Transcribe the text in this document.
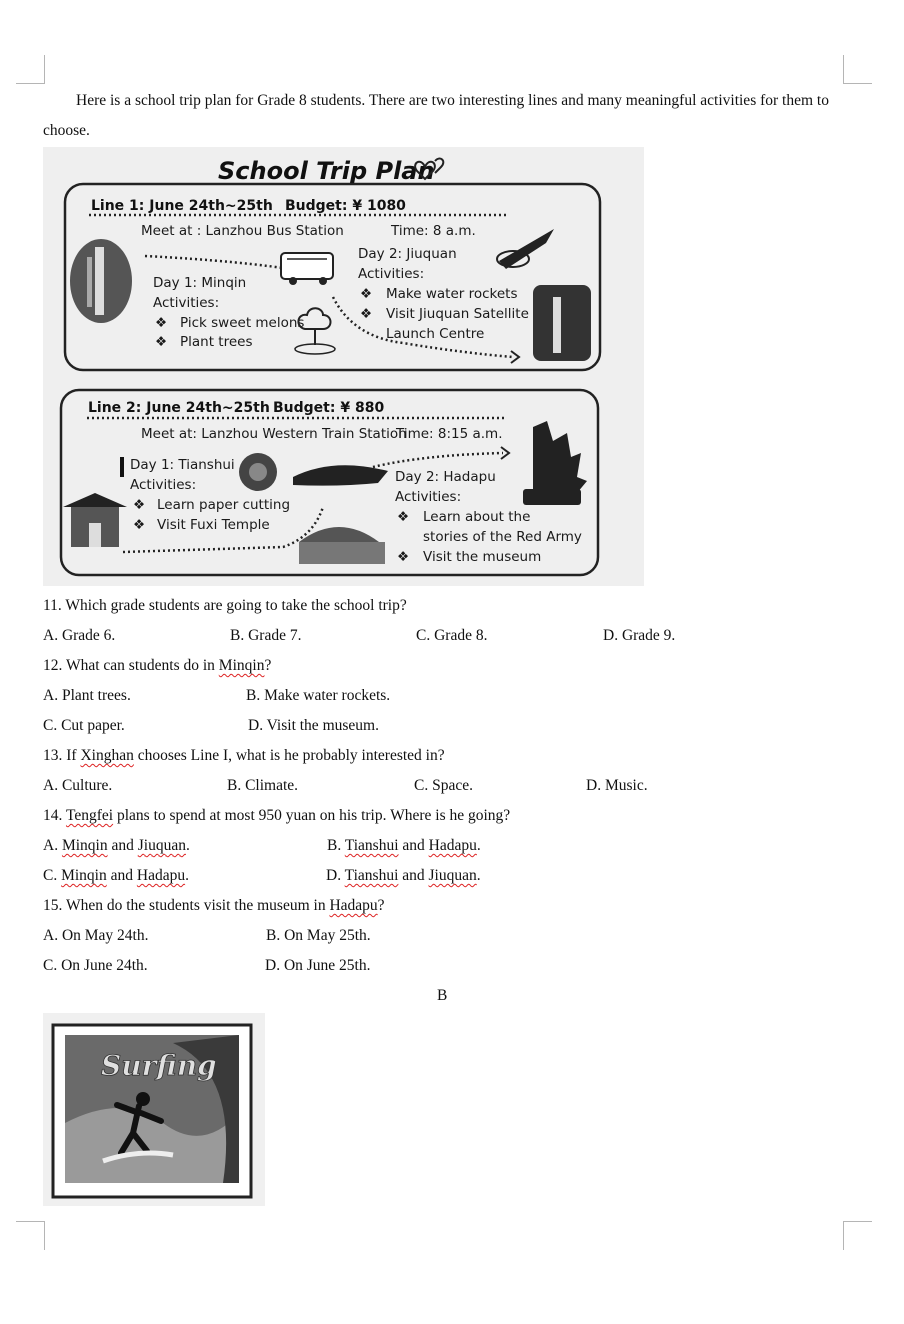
Here is a school trip plan for Grade 8 students. There are two interesting lines and many meaningful activities for them to choose.

School Trip Plan
Line 1: June 24th~25th Budget: ¥ 1080
Meet at : Lanzhou Bus Station	Time: 8 a.m.
Day 1: Minqin
Activities:
❖ Pick sweet melons
❖ Plant trees
Day 2: Jiuquan
Activities:
❖ Make water rockets
❖ Visit Jiuquan Satellite
Launch Centre
Line 2: June 24th~25th Budget: ¥ 880
Meet at: Lanzhou Western Train Station
Time: 8:15 a.m.
Day 1: Tianshui
Activities:
❖ Learn paper cutting
❖ Visit Fuxi Temple
Day 2: Hadapu
Activities:
❖ Learn about the
stories of the Red Army
❖ Visit the museum
11. Which grade students are going to take the school trip?
A. Grade 6.	B. Grade 7.	C. Grade 8.	D. Grade 9.
12. What can students do in Minqin?
A. Plant trees.	B. Make water rockets.
C. Cut paper.	D. Visit the museum.
13. If Xinghan chooses Line I, what is he probably interested in?
A. Culture.	B. Climate.	C. Space.	D. Music.
14. Tengfei plans to spend at most 950 yuan on his trip. Where is he going?
A. Minqin and Jiuquan.	B. Tianshui and Hadapu.
C. Minqin and Hadapu.	D. Tianshui and Jiuquan.
15. When do the students visit the museum in Hadapu?
A. On May 24th.	B. On May 25th.
C. On June 24th.	D. On June 25th.
B
Surfing
